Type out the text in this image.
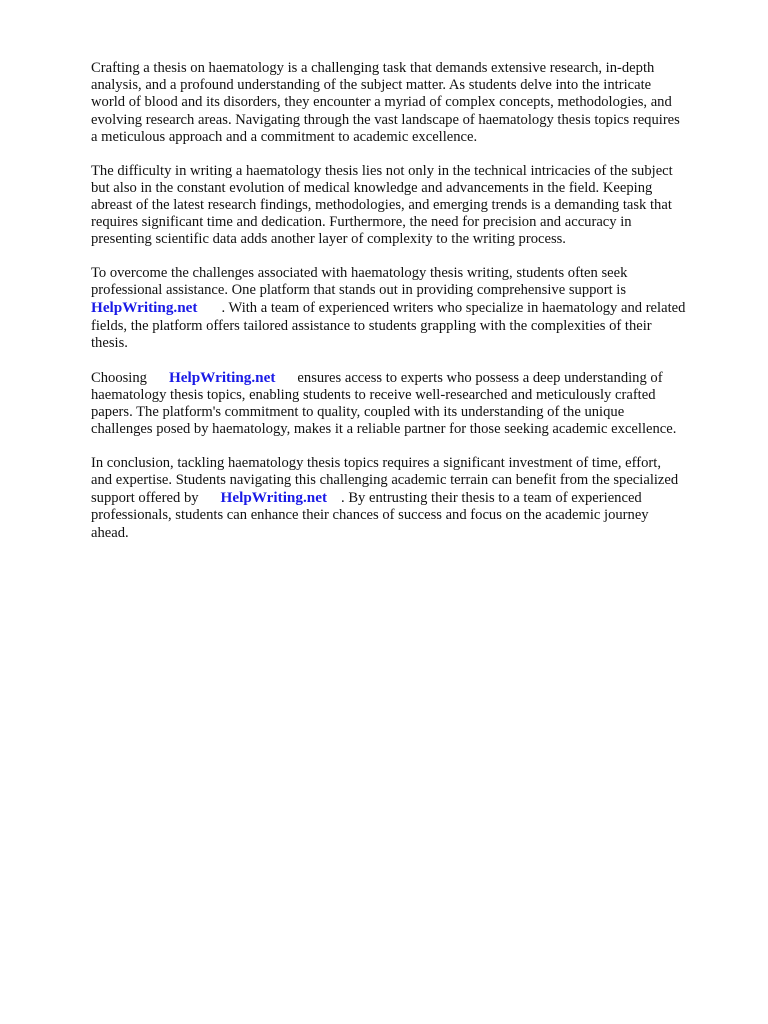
Crafting a thesis on haematology is a challenging task that demands extensive research, in-depth
analysis, and a profound understanding of the subject matter. As students delve into the intricate
world of blood and its disorders, they encounter a myriad of complex concepts, methodologies, and
evolving research areas. Navigating through the vast landscape of haematology thesis topics requires
a meticulous approach and a commitment to academic excellence.

The difficulty in writing a haematology thesis lies not only in the technical intricacies of the subject
but also in the constant evolution of medical knowledge and advancements in the field. Keeping
abreast of the latest research findings, methodologies, and emerging trends is a demanding task that
requires significant time and dedication. Furthermore, the need for precision and accuracy in
presenting scientific data adds another layer of complexity to the writing process.

To overcome the challenges associated with haematology thesis writing, students often seek
professional assistance. One platform that stands out in providing comprehensive support is
HelpWriting.net . With a team of experienced writers who specialize in haematology and related
fields, the platform offers tailored assistance to students grappling with the complexities of their
thesis.

Choosing HelpWriting.net ensures access to experts who possess a deep understanding of
haematology thesis topics, enabling students to receive well-researched and meticulously crafted
papers. The platform's commitment to quality, coupled with its understanding of the unique
challenges posed by haematology, makes it a reliable partner for those seeking academic excellence.

In conclusion, tackling haematology thesis topics requires a significant investment of time, effort,
and expertise. Students navigating this challenging academic terrain can benefit from the specialized
support offered by HelpWriting.net . By entrusting their thesis to a team of experienced
professionals, students can enhance their chances of success and focus on the academic journey
ahead.
